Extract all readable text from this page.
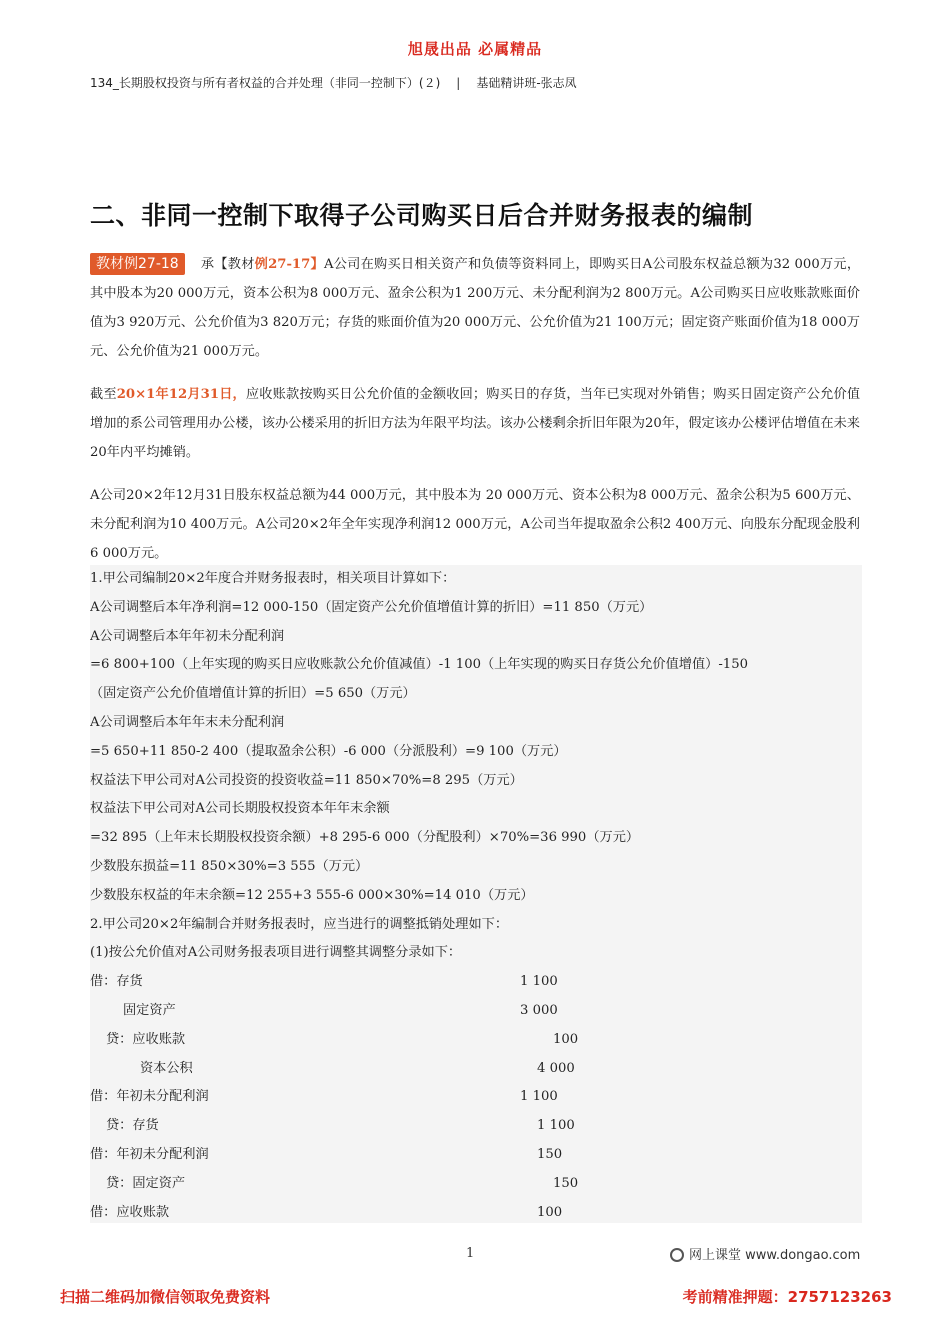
旭晟出品 必属精品
134_长期股权投资与所有者权益的合并处理（非同一控制下）(２) | 基础精讲班-张志凤
二、非同一控制下取得子公司购买日后合并财务报表的编制

教材例27-18 承【教材例27-17】A公司在购买日相关资产和负债等资料同上，即购买日A公司股东权益总额为32 000万元，其中股本为20 000万元，资本公积为8 000万元、盈余公积为1 200万元、未分配利润为2 800万元。A公司购买日应收账款账面价值为3 920万元、公允价值为3 820万元；存货的账面价值为20 000万元、公允价值为21 100万元；固定资产账面价值为18 000万元、公允价值为21 000万元。

截至20×1年12月31日，应收账款按购买日公允价值的金额收回；购买日的存货，当年已实现对外销售；购买日固定资产公允价值增加的系公司管理用办公楼，该办公楼采用的折旧方法为年限平均法。该办公楼剩余折旧年限为20年，假定该办公楼评估增值在未来20年内平均摊销。

A公司20×2年12月31日股东权益总额为44 000万元，其中股本为 20 000万元、资本公积为8 000万元、盈余公积为5 600万元、未分配利润为10 400万元。A公司20×2年全年实现净利润12 000万元，A公司当年提取盈余公积2 400万元、向股东分配现金股利6 000万元。

1.甲公司编制20×2年度合并财务报表时，相关项目计算如下：
A公司调整后本年净利润=12 000-150（固定资产公允价值增值计算的折旧）=11 850（万元）
A公司调整后本年年初未分配利润
=6 800+100（上年实现的购买日应收账款公允价值减值）-1 100（上年实现的购买日存货公允价值增值）-150
（固定资产公允价值增值计算的折旧）=5 650（万元）
A公司调整后本年年末未分配利润
=5 650+11 850-2 400（提取盈余公积）-6 000（分派股利）=9 100（万元）
权益法下甲公司对A公司投资的投资收益=11 850×70%=8 295（万元）
权益法下甲公司对A公司长期股权投资本年年末余额
=32 895（上年末长期股权投资余额）+8 295-6 000（分配股利）×70%=36 990（万元）
少数股东损益=11 850×30%=3 555（万元）
少数股东权益的年末余额=12 255+3 555-6 000×30%=14 010（万元）
2.甲公司20×2年编制合并财务报表时，应当进行的调整抵销处理如下：
(1)按公允价值对A公司财务报表项目进行调整其调整分录如下：
借：存货	1 100
固定资产	3 000
贷：应收账款	100
资本公积	4 000
借：年初未分配利润	1 100
贷：存货	1 100
借：年初未分配利润	150
贷：固定资产	150
借：应收账款	100
1	网上课堂 www.dongao.com
扫描二维码加微信领取免费资料	考前精准押题：2757123263
